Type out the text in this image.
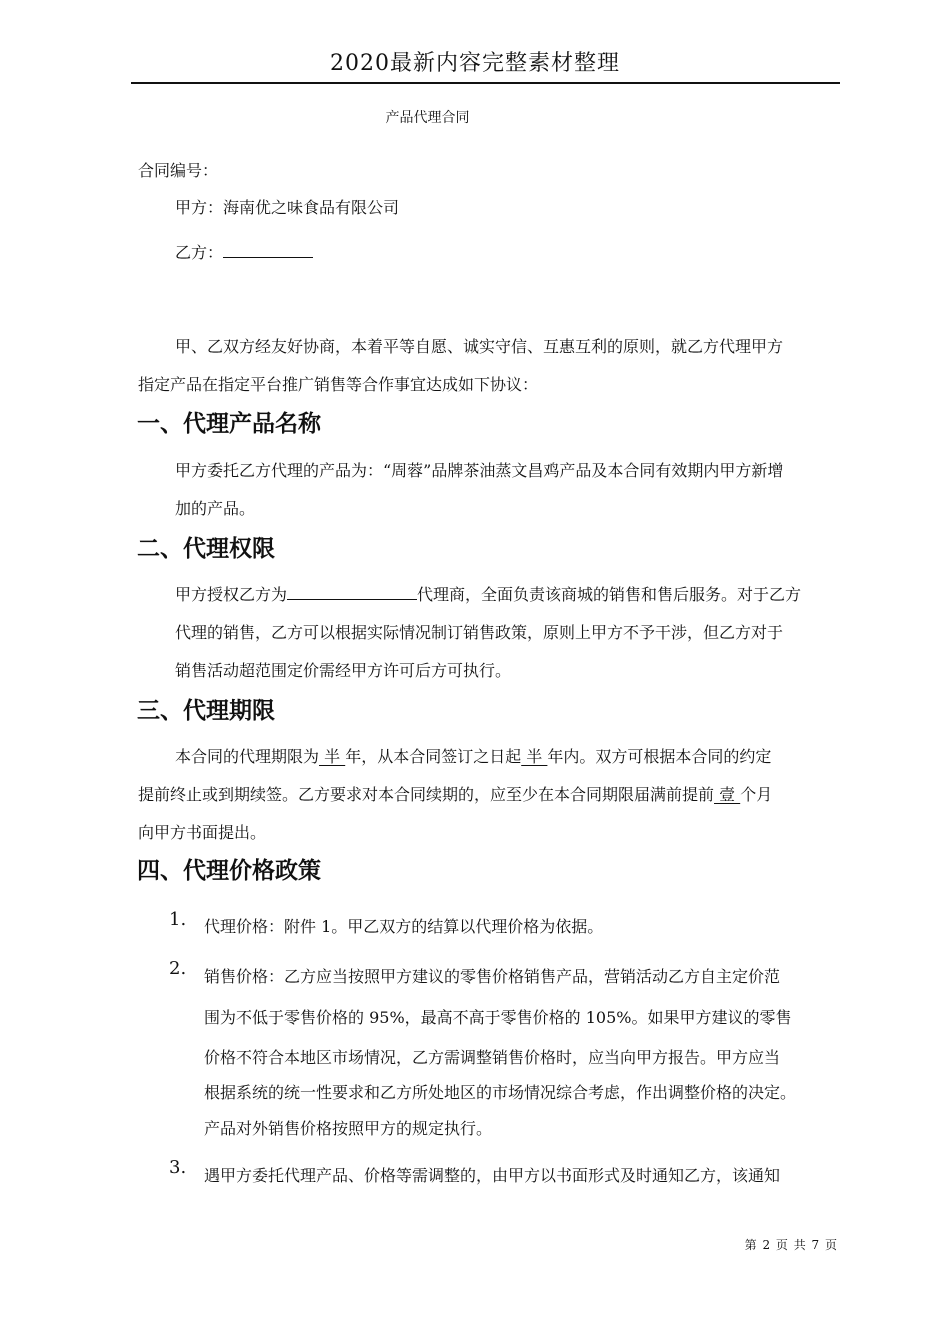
2020最新内容完整素材整理
产品代理合同
合同编号：
甲方：海南优之味食品有限公司
乙方：
甲、乙双方经友好协商，本着平等自愿、诚实守信、互惠互利的原则，就乙方代理甲方
指定产品在指定平台推广销售等合作事宜达成如下协议：
一、代理产品名称
甲方委托乙方代理的产品为：“周蓉”品牌茶油蒸文昌鸡产品及本合同有效期内甲方新增
加的产品。
二、代理权限
甲方授权乙方为	代理商，全面负责该商城的销售和售后服务。对于乙方
代理的销售，乙方可以根据实际情况制订销售政策，原则上甲方不予干涉，但乙方对于
销售活动超范围定价需经甲方许可后方可执行。
三、代理期限
本合同的代理期限为 半 年，从本合同签订之日起 半 年内。双方可根据本合同的约定
提前终止或到期续签。乙方要求对本合同续期的，应至少在本合同期限届满前提前 壹 个月
向甲方书面提出。
四、代理价格政策
1. 代理价格：附件 1。甲乙双方的结算以代理价格为依据。
2. 销售价格：乙方应当按照甲方建议的零售价格销售产品，营销活动乙方自主定价范
围为不低于零售价格的 95%，最高不高于零售价格的 105%。如果甲方建议的零售
价格不符合本地区市场情况，乙方需调整销售价格时，应当向甲方报告。甲方应当
根据系统的统一性要求和乙方所处地区的市场情况综合考虑，作出调整价格的决定。
产品对外销售价格按照甲方的规定执行。
3. 遇甲方委托代理产品、价格等需调整的，由甲方以书面形式及时通知乙方，该通知
第 2 页 共 7 页
